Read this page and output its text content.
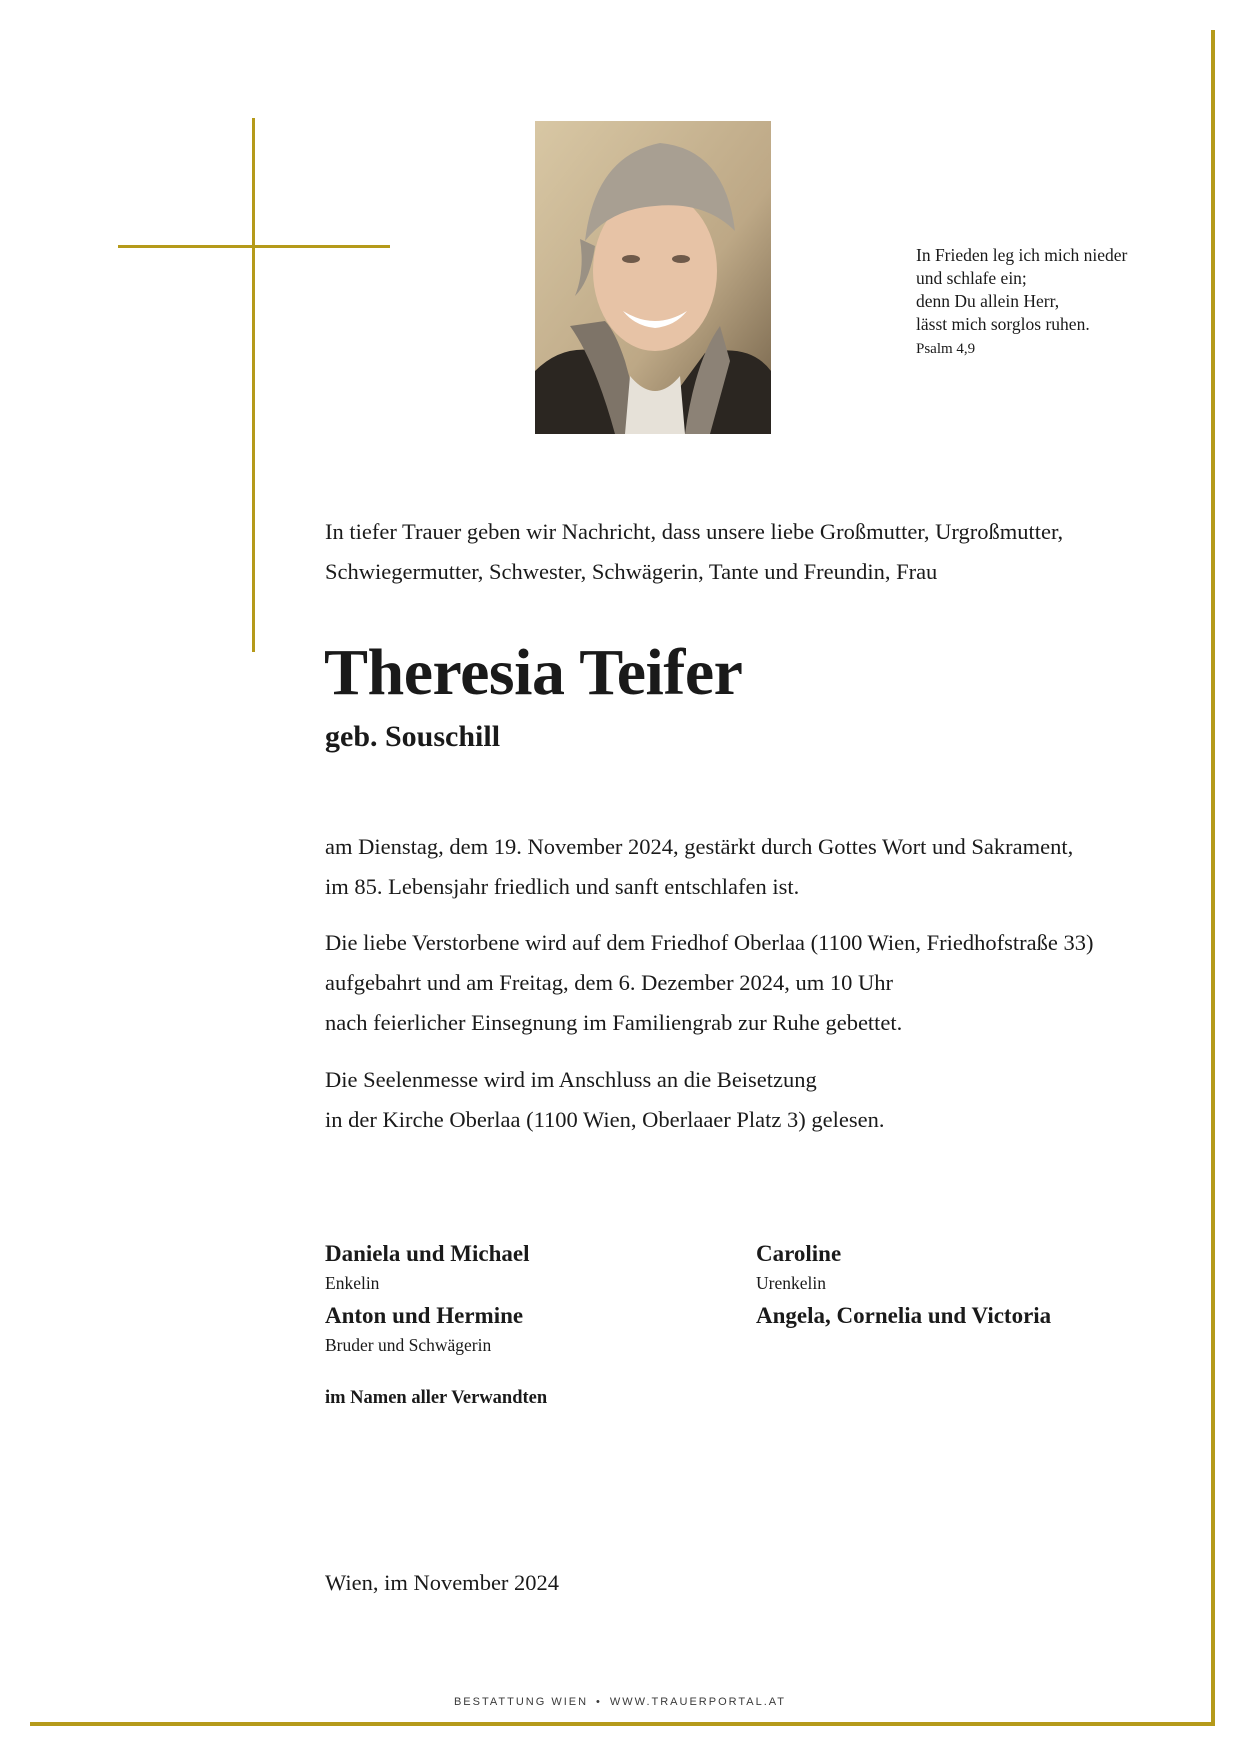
In Frieden leg ich mich nieder
und schlafe ein;
denn Du allein Herr,
lässt mich sorglos ruhen.
Psalm 4,9
In tiefer Trauer geben wir Nachricht, dass unsere liebe Großmutter, Urgroßmutter,
Schwiegermutter, Schwester, Schwägerin, Tante und Freundin, Frau
Theresia Teifer
geb. Souschill
am Dienstag, dem 19. November 2024, gestärkt durch Gottes Wort und Sakrament,
im 85. Lebensjahr friedlich und sanft entschlafen ist.
Die liebe Verstorbene wird auf dem Friedhof Oberlaa (1100 Wien, Friedhofstraße 33)
aufgebahrt und am Freitag, dem 6. Dezember 2024, um 10 Uhr
nach feierlicher Einsegnung im Familiengrab zur Ruhe gebettet.
Die Seelenmesse wird im Anschluss an die Beisetzung
in der Kirche Oberlaa (1100 Wien, Oberlaaer Platz 3) gelesen.
Daniela und Michael
Enkelin
Anton und Hermine
Bruder und Schwägerin
Caroline
Urenkelin
Angela, Cornelia und Victoria
im Namen aller Verwandten
Wien, im November 2024
BESTATTUNG WIEN • WWW.TRAUERPORTAL.AT
